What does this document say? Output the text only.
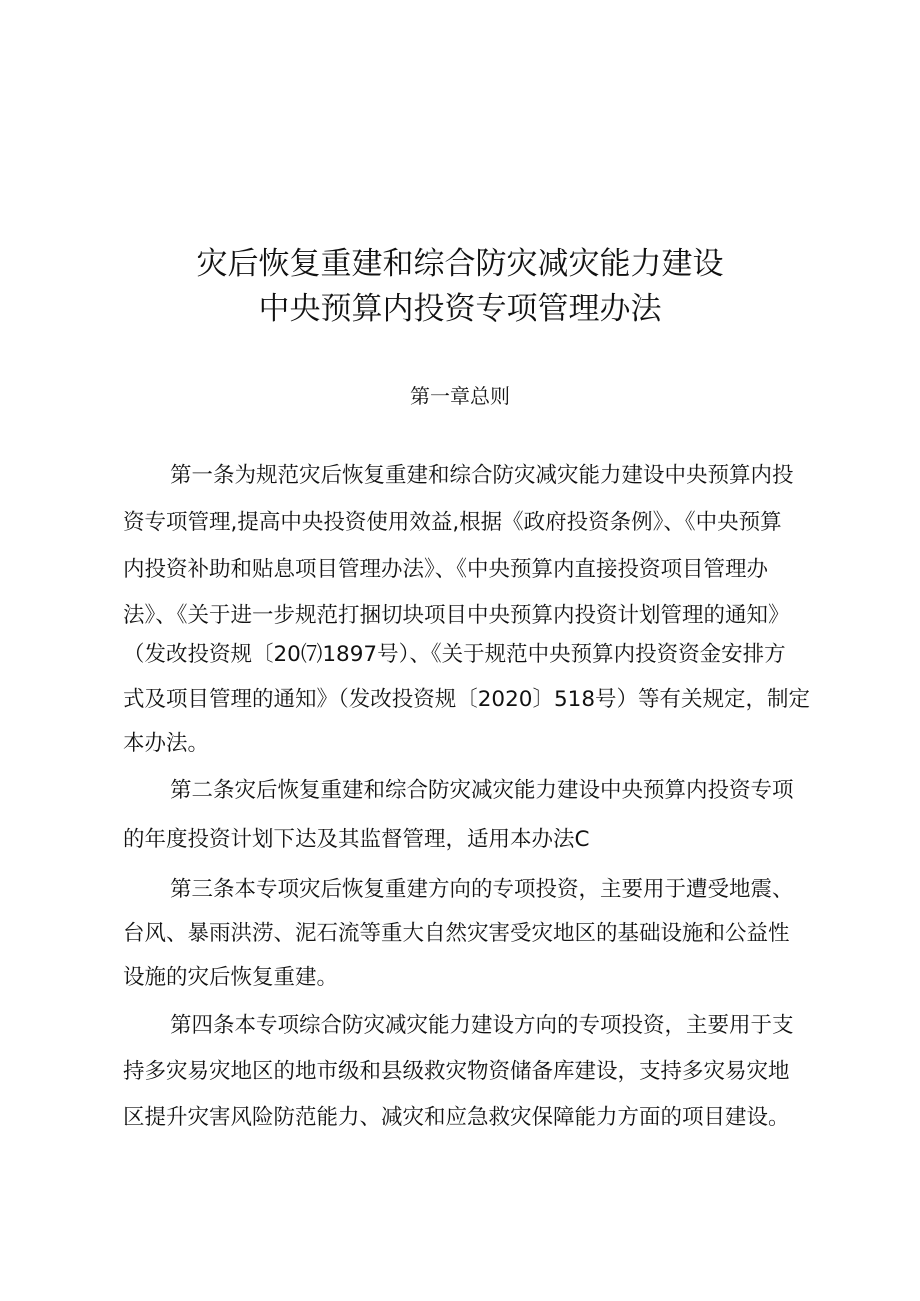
灾后恢复重建和综合防灾减灾能力建设
中央预算内投资专项管理办法
第一章总则
第一条为规范灾后恢复重建和综合防灾减灾能力建设中央预算内投
资专项管理,提高中央投资使用效益,根据《政府投资条例》、《中央预算
内投资补助和贴息项目管理办法》、《中央预算内直接投资项目管理办
法》、《关于进一步规范打捆切块项目中央预算内投资计划管理的通知》
（发改投资规〔20⑺1897号）、《关于规范中央预算内投资资金安排方
式及项目管理的通知》（发改投资规〔2020〕518号）等有关规定，制定
本办法。
第二条灾后恢复重建和综合防灾减灾能力建设中央预算内投资专项
的年度投资计划下达及其监督管理，适用本办法C
第三条本专项灾后恢复重建方向的专项投资，主要用于遭受地震、
台风、暴雨洪涝、泥石流等重大自然灾害受灾地区的基础设施和公益性
设施的灾后恢复重建。
第四条本专项综合防灾减灾能力建设方向的专项投资，主要用于支
持多灾易灾地区的地市级和县级救灾物资储备库建设，支持多灾易灾地
区提升灾害风险防范能力、减灾和应急救灾保障能力方面的项目建设。
